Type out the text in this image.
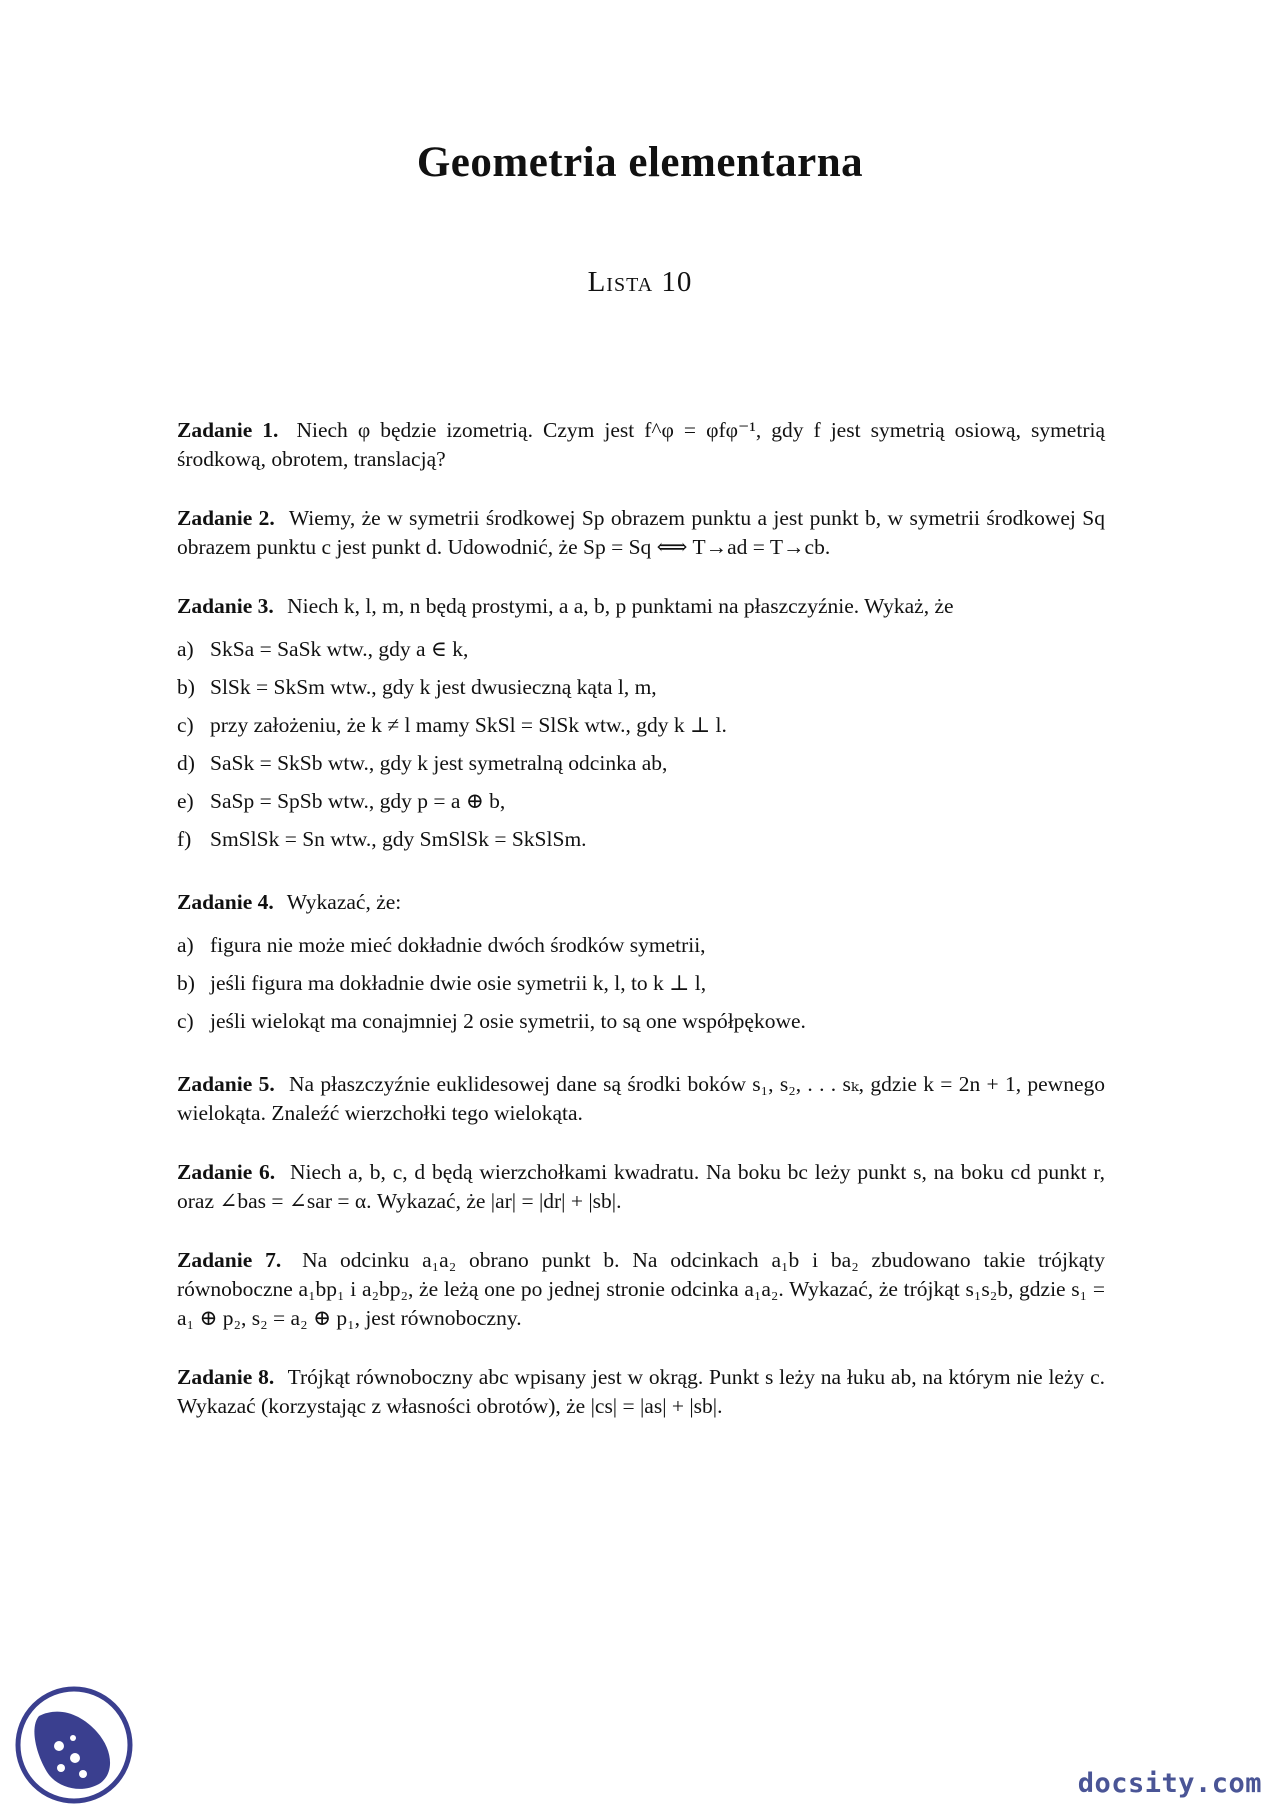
Geometria elementarna
Lista 10

Zadanie 1. Niech φ będzie izometrią. Czym jest f^φ = φfφ⁻¹, gdy f jest symetrią osiową, symetrią środkową, obrotem, translacją?

Zadanie 2. Wiemy, że w symetrii środkowej Sp obrazem punktu a jest punkt b, w symetrii środkowej Sq obrazem punktu c jest punkt d. Udowodnić, że Sp = Sq ⟺ T→ad = T→cb.

Zadanie 3. Niech k, l, m, n będą prostymi, a a, b, p punktami na płaszczyźnie. Wykaż, że

a) SkSa = SaSk wtw., gdy a ∈ k,
b) SlSk = SkSm wtw., gdy k jest dwusieczną kąta l, m,
c) przy założeniu, że k ≠ l mamy SkSl = SlSk wtw., gdy k ⊥ l.
d) SaSk = SkSb wtw., gdy k jest symetralną odcinka ab,
e) SaSp = SpSb wtw., gdy p = a ⊕ b,
f) SmSlSk = Sn wtw., gdy SmSlSk = SkSlSm.

Zadanie 4. Wykazać, że:

a) figura nie może mieć dokładnie dwóch środków symetrii,
b) jeśli figura ma dokładnie dwie osie symetrii k, l, to k ⊥ l,
c) jeśli wielokąt ma conajmniej 2 osie symetrii, to są one współpękowe.

Zadanie 5. Na płaszczyźnie euklidesowej dane są środki boków s₁, s₂, . . . sₖ, gdzie k = 2n + 1, pewnego wielokąta. Znaleźć wierzchołki tego wielokąta.

Zadanie 6. Niech a, b, c, d będą wierzchołkami kwadratu. Na boku bc leży punkt s, na boku cd punkt r, oraz ∠bas = ∠sar = α. Wykazać, że |ar| = |dr| + |sb|.

Zadanie 7. Na odcinku a₁a₂ obrano punkt b. Na odcinkach a₁b i ba₂ zbudowano takie trójkąty równoboczne a₁bp₁ i a₂bp₂, że leżą one po jednej stronie odcinka a₁a₂. Wykazać, że trójkąt s₁s₂b, gdzie s₁ = a₁ ⊕ p₂, s₂ = a₂ ⊕ p₁, jest równoboczny.

Zadanie 8. Trójkąt równoboczny abc wpisany jest w okrąg. Punkt s leży na łuku ab, na którym nie leży c. Wykazać (korzystając z własności obrotów), że |cs| = |as| + |sb|.

docsity.com
